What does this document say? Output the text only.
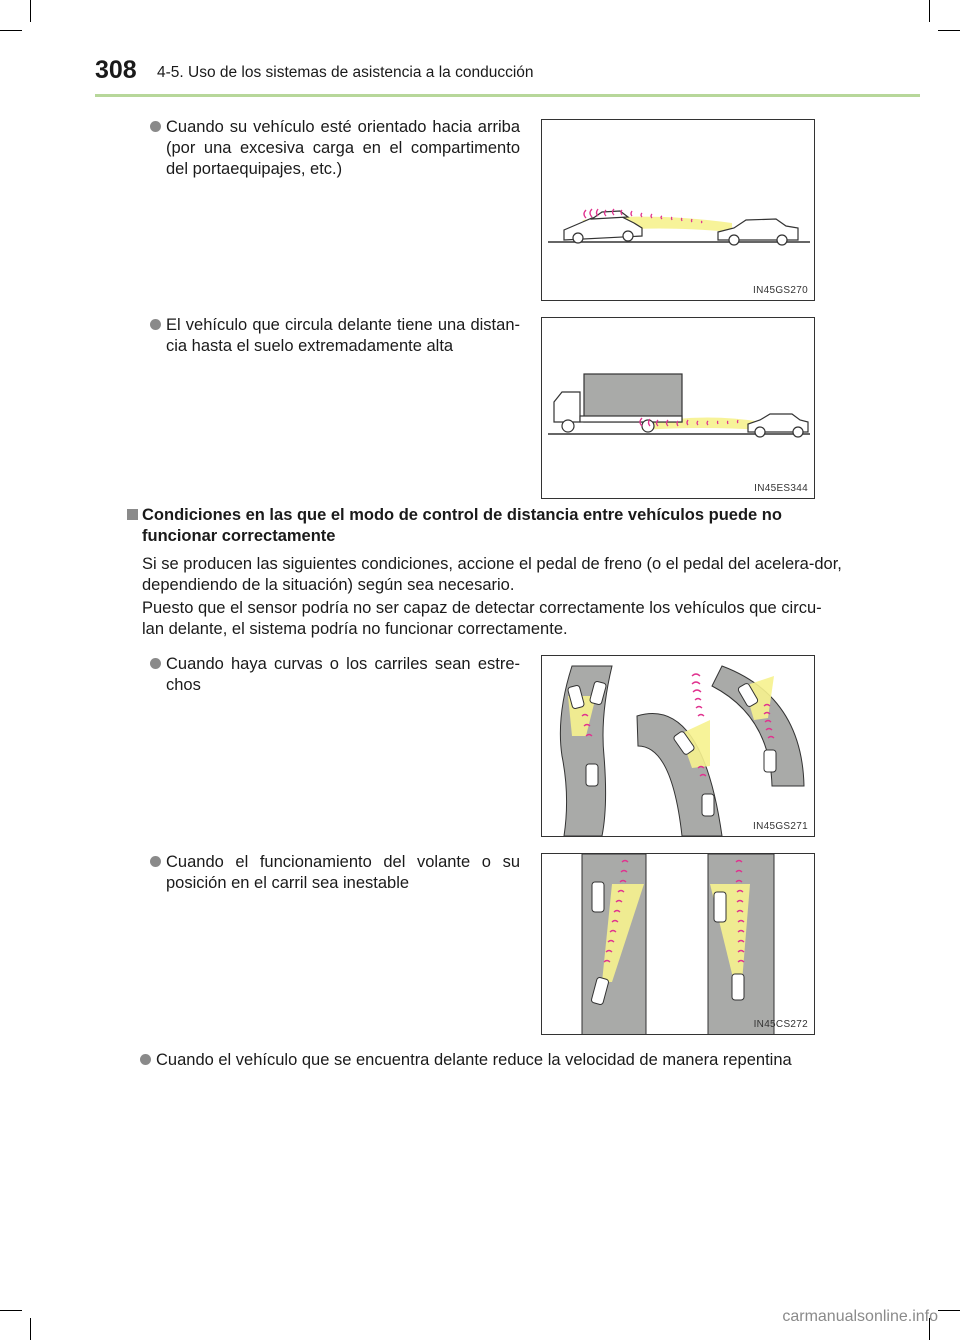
308 4-5. Uso de los sistemas de asistencia a la conducción
Cuando su vehículo esté orientado hacia arriba (por una excesiva carga en el compartimento del portaequipajes, etc.)
IN45GS270
El vehículo que circula delante tiene una distan-cia hasta el suelo extremadamente alta
IN45ES344
Condiciones en las que el modo de control de distancia entre vehículos puede no funcionar correctamente
Si se producen las siguientes condiciones, accione el pedal de freno (o el pedal del acelera-dor, dependiendo de la situación) según sea necesario.
Puesto que el sensor podría no ser capaz de detectar correctamente los vehículos que circu-lan delante, el sistema podría no funcionar correctamente.
Cuando haya curvas o los carriles sean estre-chos
IN45GS271
Cuando el funcionamiento del volante o su posición en el carril sea inestable
IN45CS272
Cuando el vehículo que se encuentra delante reduce la velocidad de manera repentina
carmanualsonline.info
